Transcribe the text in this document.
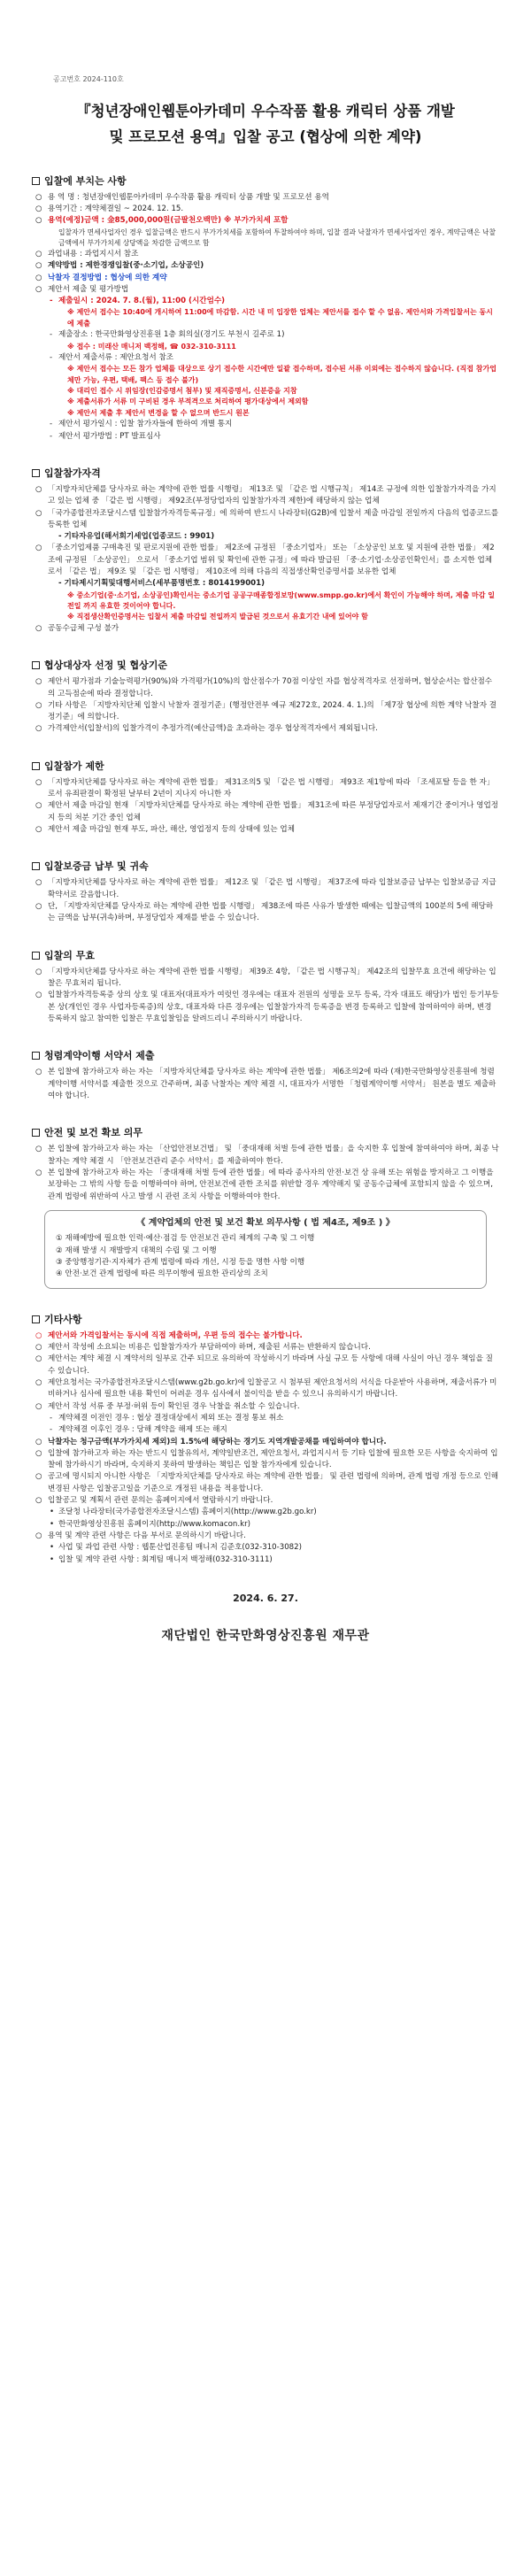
공고번호 2024-110호
『청년장애인웹툰아카데미 우수작품 활용 캐릭터 상품 개발
및 프로모션 용역』입찰 공고 (협상에 의한 계약)
입찰에 부치는 사항
○ 용 역 명 : 청년장애인웹툰아카데미 우수작품 활용 캐릭터 상품 개발 및 프로모션 용역
○ 용역기간 : 계약체결일 ~ 2024. 12. 15.
○ 용역(예정)금액 : 金85,000,000원(금팔천오백만) ※ 부가가치세 포함
입찰자가 면세사업자인 경우 입찰금액은 반드시 부가가치세를 포함하여 투찰하여야 하며, 입찰 결과 낙찰자가 면세사업자인 경우, 계약금액은 낙찰금액에서 부가가치세 상당액을 차감한 금액으로 함
○ 과업내용 : 과업지시서 참조
○ 계약방법 : 제한경쟁입찰(중·소기업, 소상공인)
○ 낙찰자 결정방법 : 협상에 의한 계약
○ 제안서 제출 및 평가방법
- 제출일시 : 2024. 7. 8.(월), 11:00 (시간엄수)
※ 제안서 접수는 10:40에 개시하여 11:00에 마감함. 시간 내 미 입장한 업체는 제안서를 접수 할 수 없음. 제안서와 가격입찰서는 동시에 제출
- 제출장소 : 한국만화영상진흥원 1층 회의실(경기도 부천시 길주로 1)
※ 접수 : 미래산 매니저 백정해, ☎ 032-310-3111
- 제안서 제출서류 : 제안요청서 참조
※ 제안서 접수는 모든 참가 업체를 대상으로 상기 접수한 시간에만 일괄 접수하며, 접수된 서류 이외에는 접수하지 않습니다. (직접 참가업체만 가능, 우편, 택배, 팩스 등 접수 불가)
※ 대리인 접수 시 위임장(인감증명서 첨부) 및 재직증명서, 신분증을 지참
※ 제출서류가 서류 미 구비된 경우 부적격으로 처리하여 평가대상에서 제외함
※ 제안서 제출 후 제안서 변경을 할 수 없으며 반드시 원본
- 제안서 평가일시 : 입찰 참가자들에 한하여 개별 통지
- 제안서 평가방법 : PT 발표심사
입찰참가자격
○ 「지방자치단체를 당사자로 하는 계약에 관한 법률 시행령」 제13조 및 「같은 법 시행규칙」 제14조 규정에 의한 입찰참가자격을 가지고 있는 업체 중 「같은 법 시행령」 제92조(부정당업자의 입찰참가자격 제한)에 해당하지 않는 업체
○ 「국가종합전자조달시스템 입찰참가자격등록규정」에 의하여 반드시 나라장터(G2B)에 입찰서 제출 마감일 전일까지 다음의 업종코드를 등록한 업체
- 기타자유업(해서회기세업(업종코드 : 9901)
○ 「중소기업제품 구매촉진 및 판로지원에 관한 법률」 제2조에 규정된 「중소기업자」 또는 「소상공인 보호 및 지원에 관한 법률」 제2조에 규정된 「소상공인」 으로서 「중소기업 범위 및 확인에 관한 규정」에 따라 발급된 「중·소기업·소상공인확인서」를 소지한 업체로서 「같은 법」 제9조 및 「같은 법 시행령」 제10조에 의해 다음의 직접생산확인증명서를 보유한 업체
- 기타제시기획및대행서비스(세부품명번호 : 8014199001)
※ 중소기업(중·소기업, 소상공인)확인서는 중소기업 공공구매종합정보망(www.smpp.go.kr)에서 확인이 가능해야 하며, 제출 마감 일 전일 까지 유효한 것이어야 합니다.
※ 직접생산확인증명서는 입찰서 제출 마감일 전일까지 발급된 것으로서 유효기간 내에 있어야 함
○ 공동수급체 구성 불가
협상대상자 선정 및 협상기준
○ 제안서 평가점과 기술능력평가(90%)와 가격평가(10%)의 합산점수가 70점 이상인 자를 협상적격자로 선정하며, 협상순서는 합산점수의 고득점순에 따라 결정합니다.
○ 기타 사항은 「지방자치단체 입찰시 낙찰자 결정기준」(행정안전부 예규 제272호, 2024. 4. 1.)의 「제7장 협상에 의한 계약 낙찰자 결정기준」에 의합니다.
○ 가격제안서(입찰서)의 입찰가격이 추정가격(예산금액)을 초과하는 경우 협상적격자에서 제외됩니다.
입찰참가 제한
○ 「지방자치단체를 당사자로 하는 계약에 관한 법률」 제31조의5 및 「같은 법 시행령」 제93조 제1항에 따라 「조세포탈 등을 한 자」로서 유죄판결이 확정된 날부터 2년이 지나지 아니한 자
○ 제안서 제출 마감일 현재 「지방자치단체를 당사자로 하는 계약에 관한 법률」 제31조에 따른 부정당업자로서 제재기간 중이거나 영업정지 등의 처분 기간 중인 업체
○ 제안서 제출 마감일 현재 부도, 파산, 해산, 영업정지 등의 상태에 있는 업체
입찰보증금 납부 및 귀속
○ 「지방자치단체를 당사자로 하는 계약에 관한 법률」 제12조 및 「같은 법 시행령」 제37조에 따라 입찰보증금 납부는 입찰보증금 지급 확약서로 갈음합니다.
○ 단, 「지방자치단체를 당사자로 하는 계약에 관한 법률 시행령」 제38조에 따른 사유가 발생한 때에는 입찰금액의 100분의 5에 해당하는 금액을 납부(귀속)하며, 부정당업자 제재를 받을 수 있습니다.
입찰의 무효
○ 「지방자치단체를 당사자로 하는 계약에 관한 법률 시행령」 제39조 4항, 「같은 법 시행규칙」 제42조의 입찰무효 요건에 해당하는 입찰은 무효처리 됩니다.
○ 입찰참가자격등록증 상의 상호 및 대표자(대표자가 여럿인 경우에는 대표자 전원의 성명을 모두 등록, 각자 대표도 해당)가 법인 등기부등본 상(개인인 경우 사업자등록증)의 상호, 대표자와 다른 경우에는 입찰참가자격 등록증을 변경 등록하고 입찰에 참여하여야 하며, 변경 등록하지 않고 참여한 입찰은 무효입찰임을 알려드리니 주의하시기 바랍니다.
청렴계약이행 서약서 제출
○ 본 입찰에 참가하고자 하는 자는 「지방자치단체를 당사자로 하는 계약에 관한 법률」 제6조의2에 따라 (재)한국만화영상진흥원에 청렴계약이행 서약서를 제출한 것으로 간주하며, 최종 낙찰자는 계약 체결 시, 대표자가 서명한 「청렴계약이행 서약서」 원본을 별도 제출하여야 합니다.
안전 및 보건 확보 의무
○ 본 입찰에 참가하고자 하는 자는 「산업안전보건법」 및 「중대재해 처벌 등에 관한 법률」을 숙지한 후 입찰에 참여하여야 하며, 최종 낙찰자는 계약 체결 시 「안전보건관리 준수 서약서」를 제출하여야 한다.
○ 본 입찰에 참가하고자 하는 자는 「중대재해 처벌 등에 관한 법률」에 따라 종사자의 안전·보건 상 유해 또는 위험을 방지하고 그 이행을 보장하는 그 밖의 사항 등을 이행하여야 하며, 안전보건에 관한 조치를 위반할 경우 계약해지 및 공동수급체에 포함되지 않을 수 있으며, 관계 법령에 위반하여 사고 발생 시 관련 조치 사항을 이행하여야 한다.
《 계약업체의 안전 및 보건 확보 의무사항 ( 법 제4조, 제9조 ) 》
① 재해예방에 필요한 인력·예산·점검 등 안전보건 관리 체계의 구축 및 그 이행
② 재해 발생 시 재발방지 대책의 수립 및 그 이행
③ 중앙행정기관·지자체가 관계 법령에 따라 개선, 시정 등을 명한 사항 이행
④ 안전·보건 관계 법령에 따른 의무이행에 필요한 관리상의 조치
기타사항
○ 제안서와 가격입찰서는 동시에 직접 제출하며, 우편 등의 접수는 불가합니다.
○ 제안서 작성에 소요되는 비용은 입찰참가자가 부담하여야 하며, 제출된 서류는 반환하지 않습니다.
○ 제안서는 계약 체결 시 계약서의 일부로 간주 되므로 유의하여 작성하시기 바라며 사실 규모 등 사항에 대해 사실이 아닌 경우 책임을 질 수 있습니다.
○ 제안요청서는 국가종합전자조달시스템(www.g2b.go.kr)에 입찰공고 시 첨부된 제안요청서의 서식을 다운받아 사용하며, 제출서류가 미비하거나 심사에 필요한 내용 확인이 어려운 경우 심사에서 불이익을 받을 수 있으니 유의하시기 바랍니다.
○ 제안서 작성 서류 중 부정·허위 등이 확인된 경우 낙찰을 취소할 수 있습니다.
- 계약체결 이전인 경우 : 협상 결정대상에서 제외 또는 결정 통보 취소
- 계약체결 이후인 경우 : 당해 계약을 해제 또는 해지
○ 낙찰자는 청구금액(부가가치세 제외)의 1.5%에 해당하는 경기도 지역개발공채를 매입하여야 합니다.
○ 입찰에 참가하고자 하는 자는 반드시 입찰유의서, 계약일반조건, 제안요청서, 과업지시서 등 기타 입찰에 필요한 모든 사항을 숙지하여 입찰에 참가하시기 바라며, 숙지하지 못하여 발생하는 책임은 입찰 참가자에게 있습니다.
○ 공고에 명시되지 아니한 사항은 「지방자치단체를 당사자로 하는 계약에 관한 법률」 및 관련 법령에 의하며, 관계 법령 개정 등으로 인해 변경된 사항은 입찰공고일을 기준으로 개정된 내용을 적용합니다.
○ 입찰공고 및 계획서 관련 문의는 홈페이지에서 열람하시기 바랍니다.
• 조달청 나라장터(국가종합전자조달시스템) 홈페이지(http://www.g2b.go.kr)
• 한국만화영상진흥원 홈페이지(http://www.komacon.kr)
○ 용역 및 계약 관련 사항은 다음 부서로 문의하시기 바랍니다.
• 사업 및 과업 관련 사항 : 웹툰산업진흥팀 매니저 김준호(032-310-3082)
• 입찰 및 계약 관련 사항 : 회계팀 매니저 백정해(032-310-3111)
2024. 6. 27.
재단법인 한국만화영상진흥원 재무관
